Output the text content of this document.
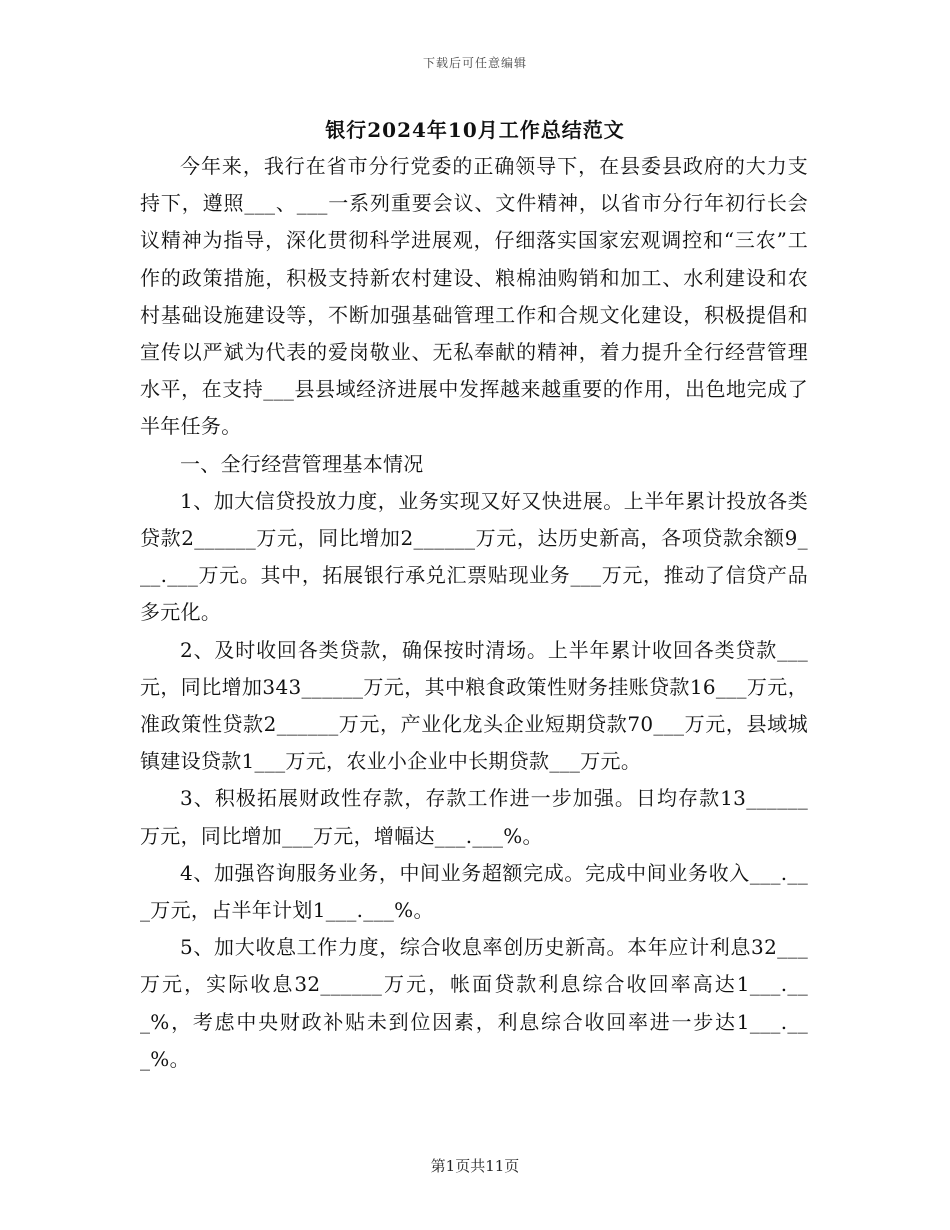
下载后可任意编辑
银行2024年10月工作总结范文

今年来，我行在省市分行党委的正确领导下，在县委县政府的大力支持下，遵照___、___一系列重要会议、文件精神，以省市分行年初行长会议精神为指导，深化贯彻科学进展观，仔细落实国家宏观调控和“三农”工作的政策措施，积极支持新农村建设、粮棉油购销和加工、水利建设和农村基础设施建设等，不断加强基础管理工作和合规文化建设，积极提倡和宣传以严斌为代表的爱岗敬业、无私奉献的精神，着力提升全行经营管理水平，在支持___县县域经济进展中发挥越来越重要的作用，出色地完成了半年任务。

一、全行经营管理基本情况

1、加大信贷投放力度，业务实现又好又快进展。上半年累计投放各类贷款2______万元，同比增加2______万元，达历史新高，各项贷款余额9___.___万元。其中，拓展银行承兑汇票贴现业务___万元，推动了信贷产品多元化。

2、及时收回各类贷款，确保按时清场。上半年累计收回各类贷款___元，同比增加343______万元，其中粮食政策性财务挂账贷款16___万元，准政策性贷款2______万元，产业化龙头企业短期贷款70___万元，县域城镇建设贷款1___万元，农业小企业中长期贷款___万元。

3、积极拓展财政性存款，存款工作进一步加强。日均存款13______万元，同比增加___万元，增幅达___.___%。

4、加强咨询服务业务，中间业务超额完成。完成中间业务收入___.___万元，占半年计划1___.___%。

5、加大收息工作力度，综合收息率创历史新高。本年应计利息32___万元，实际收息32______万元，帐面贷款利息综合收回率高达1___.___%，考虑中央财政补贴未到位因素，利息综合收回率进一步达1___.___%。

第1页共11页
